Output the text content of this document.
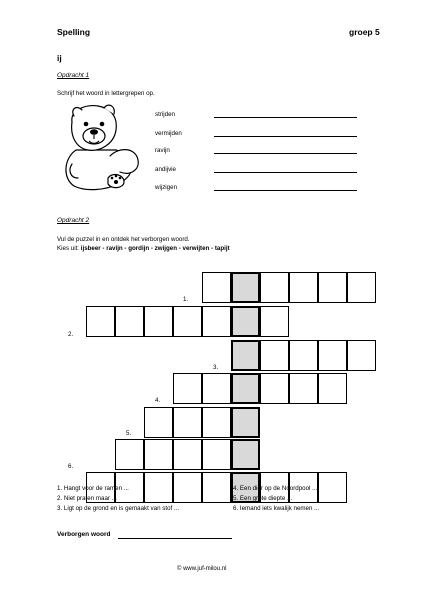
Spelling	groep 5
ij
Opdracht 1
Schrijf het woord in lettergrepen op.
strijden
vermijden
ravijn
andijvie
wijzigen
Opdracht 2
Vul de puzzel in en ontdek het verborgen woord.
Kies uit: ijsbeer - ravijn - gordijn - zwijgen - verwijten - tapijt
1.
2.
3.
4.
5.
6.
1. Hangt voor de ramen ...
2. Niet praten maar ...
3. Ligt op de grond en is gemaakt van stof ...
4. Een dier op de Noordpool ...
5. Een grote diepte ...
6. Iemand iets kwalijk nemen ...
Verborgen woord
© www.juf-milou.nl
